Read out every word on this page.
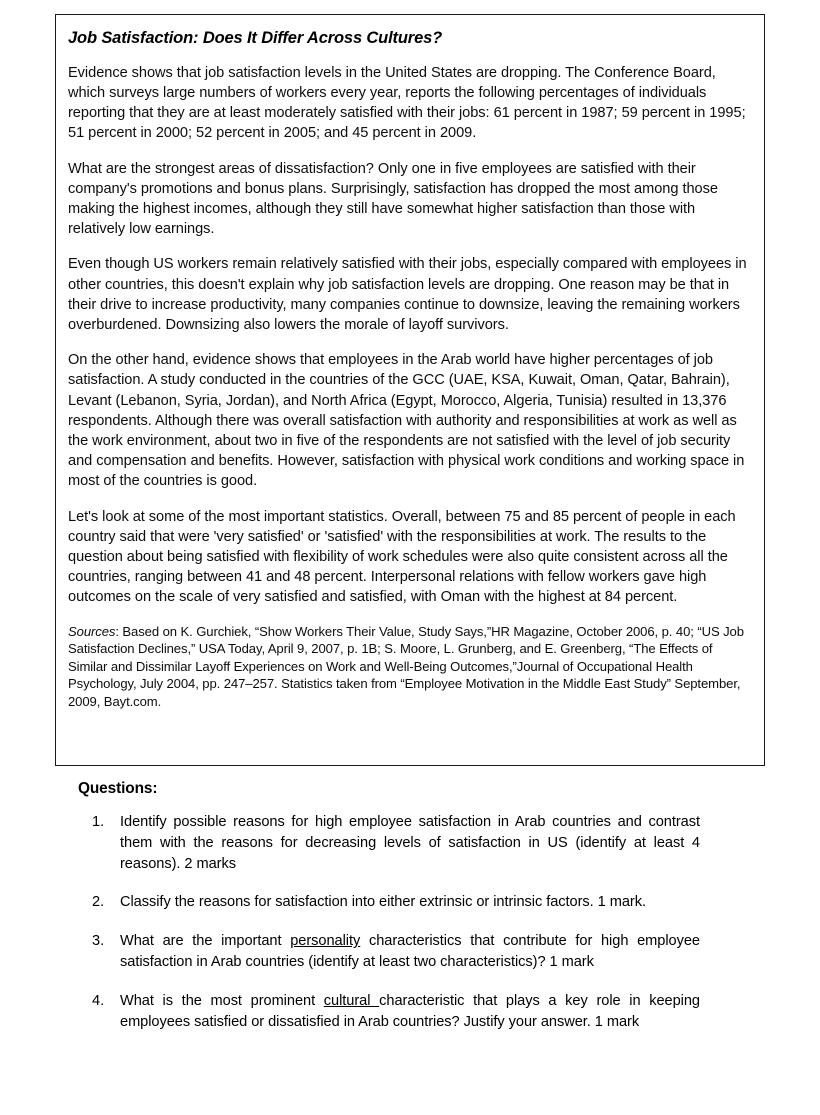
Job Satisfaction: Does It Differ Across Cultures?

Evidence shows that job satisfaction levels in the United States are dropping. The Conference Board, which surveys large numbers of workers every year, reports the following percentages of individuals reporting that they are at least moderately satisfied with their jobs: 61 percent in 1987; 59 percent in 1995; 51 percent in 2000; 52 percent in 2005; and 45 percent in 2009.

What are the strongest areas of dissatisfaction? Only one in five employees are satisfied with their company's promotions and bonus plans. Surprisingly, satisfaction has dropped the most among those making the highest incomes, although they still have somewhat higher satisfaction than those with relatively low earnings.

Even though US workers remain relatively satisfied with their jobs, especially compared with employees in other countries, this doesn't explain why job satisfaction levels are dropping. One reason may be that in their drive to increase productivity, many companies continue to downsize, leaving the remaining workers overburdened. Downsizing also lowers the morale of layoff survivors.

On the other hand, evidence shows that employees in the Arab world have higher percentages of job satisfaction. A study conducted in the countries of the GCC (UAE, KSA, Kuwait, Oman, Qatar, Bahrain), Levant (Lebanon, Syria, Jordan), and North Africa (Egypt, Morocco, Algeria, Tunisia) resulted in 13,376 respondents. Although there was overall satisfaction with authority and responsibilities at work as well as the work environment, about two in five of the respondents are not satisfied with the level of job security and compensation and benefits. However, satisfaction with physical work conditions and working space in most of the countries is good.

Let's look at some of the most important statistics. Overall, between 75 and 85 percent of people in each country said that were 'very satisfied' or 'satisfied' with the responsibilities at work. The results to the question about being satisfied with flexibility of work schedules were also quite consistent across all the countries, ranging between 41 and 48 percent. Interpersonal relations with fellow workers gave high outcomes on the scale of very satisfied and satisfied, with Oman with the highest at 84 percent.

Sources: Based on K. Gurchiek, “Show Workers Their Value, Study Says,”HR Magazine, October 2006, p. 40; “US Job Satisfaction Declines,” USA Today, April 9, 2007, p. 1B; S. Moore, L. Grunberg, and E. Greenberg, “The Effects of Similar and Dissimilar Layoff Experiences on Work and Well-Being Outcomes,”Journal of Occupational Health Psychology, July 2004, pp. 247–257. Statistics taken from “Employee Motivation in the Middle East Study” September, 2009, Bayt.com.

Questions:
1.	Identify possible reasons for high employee satisfaction in Arab countries and contrast them with the reasons for decreasing levels of satisfaction in US (identify at least 4 reasons). 2 marks
2.	Classify the reasons for satisfaction into either extrinsic or intrinsic factors. 1 mark.
3.	What are the important personality characteristics that contribute for high employee satisfaction in Arab countries (identify at least two characteristics)? 1 mark
4.	What is the most prominent cultural characteristic that plays a key role in keeping employees satisfied or dissatisfied in Arab countries? Justify your answer. 1 mark
